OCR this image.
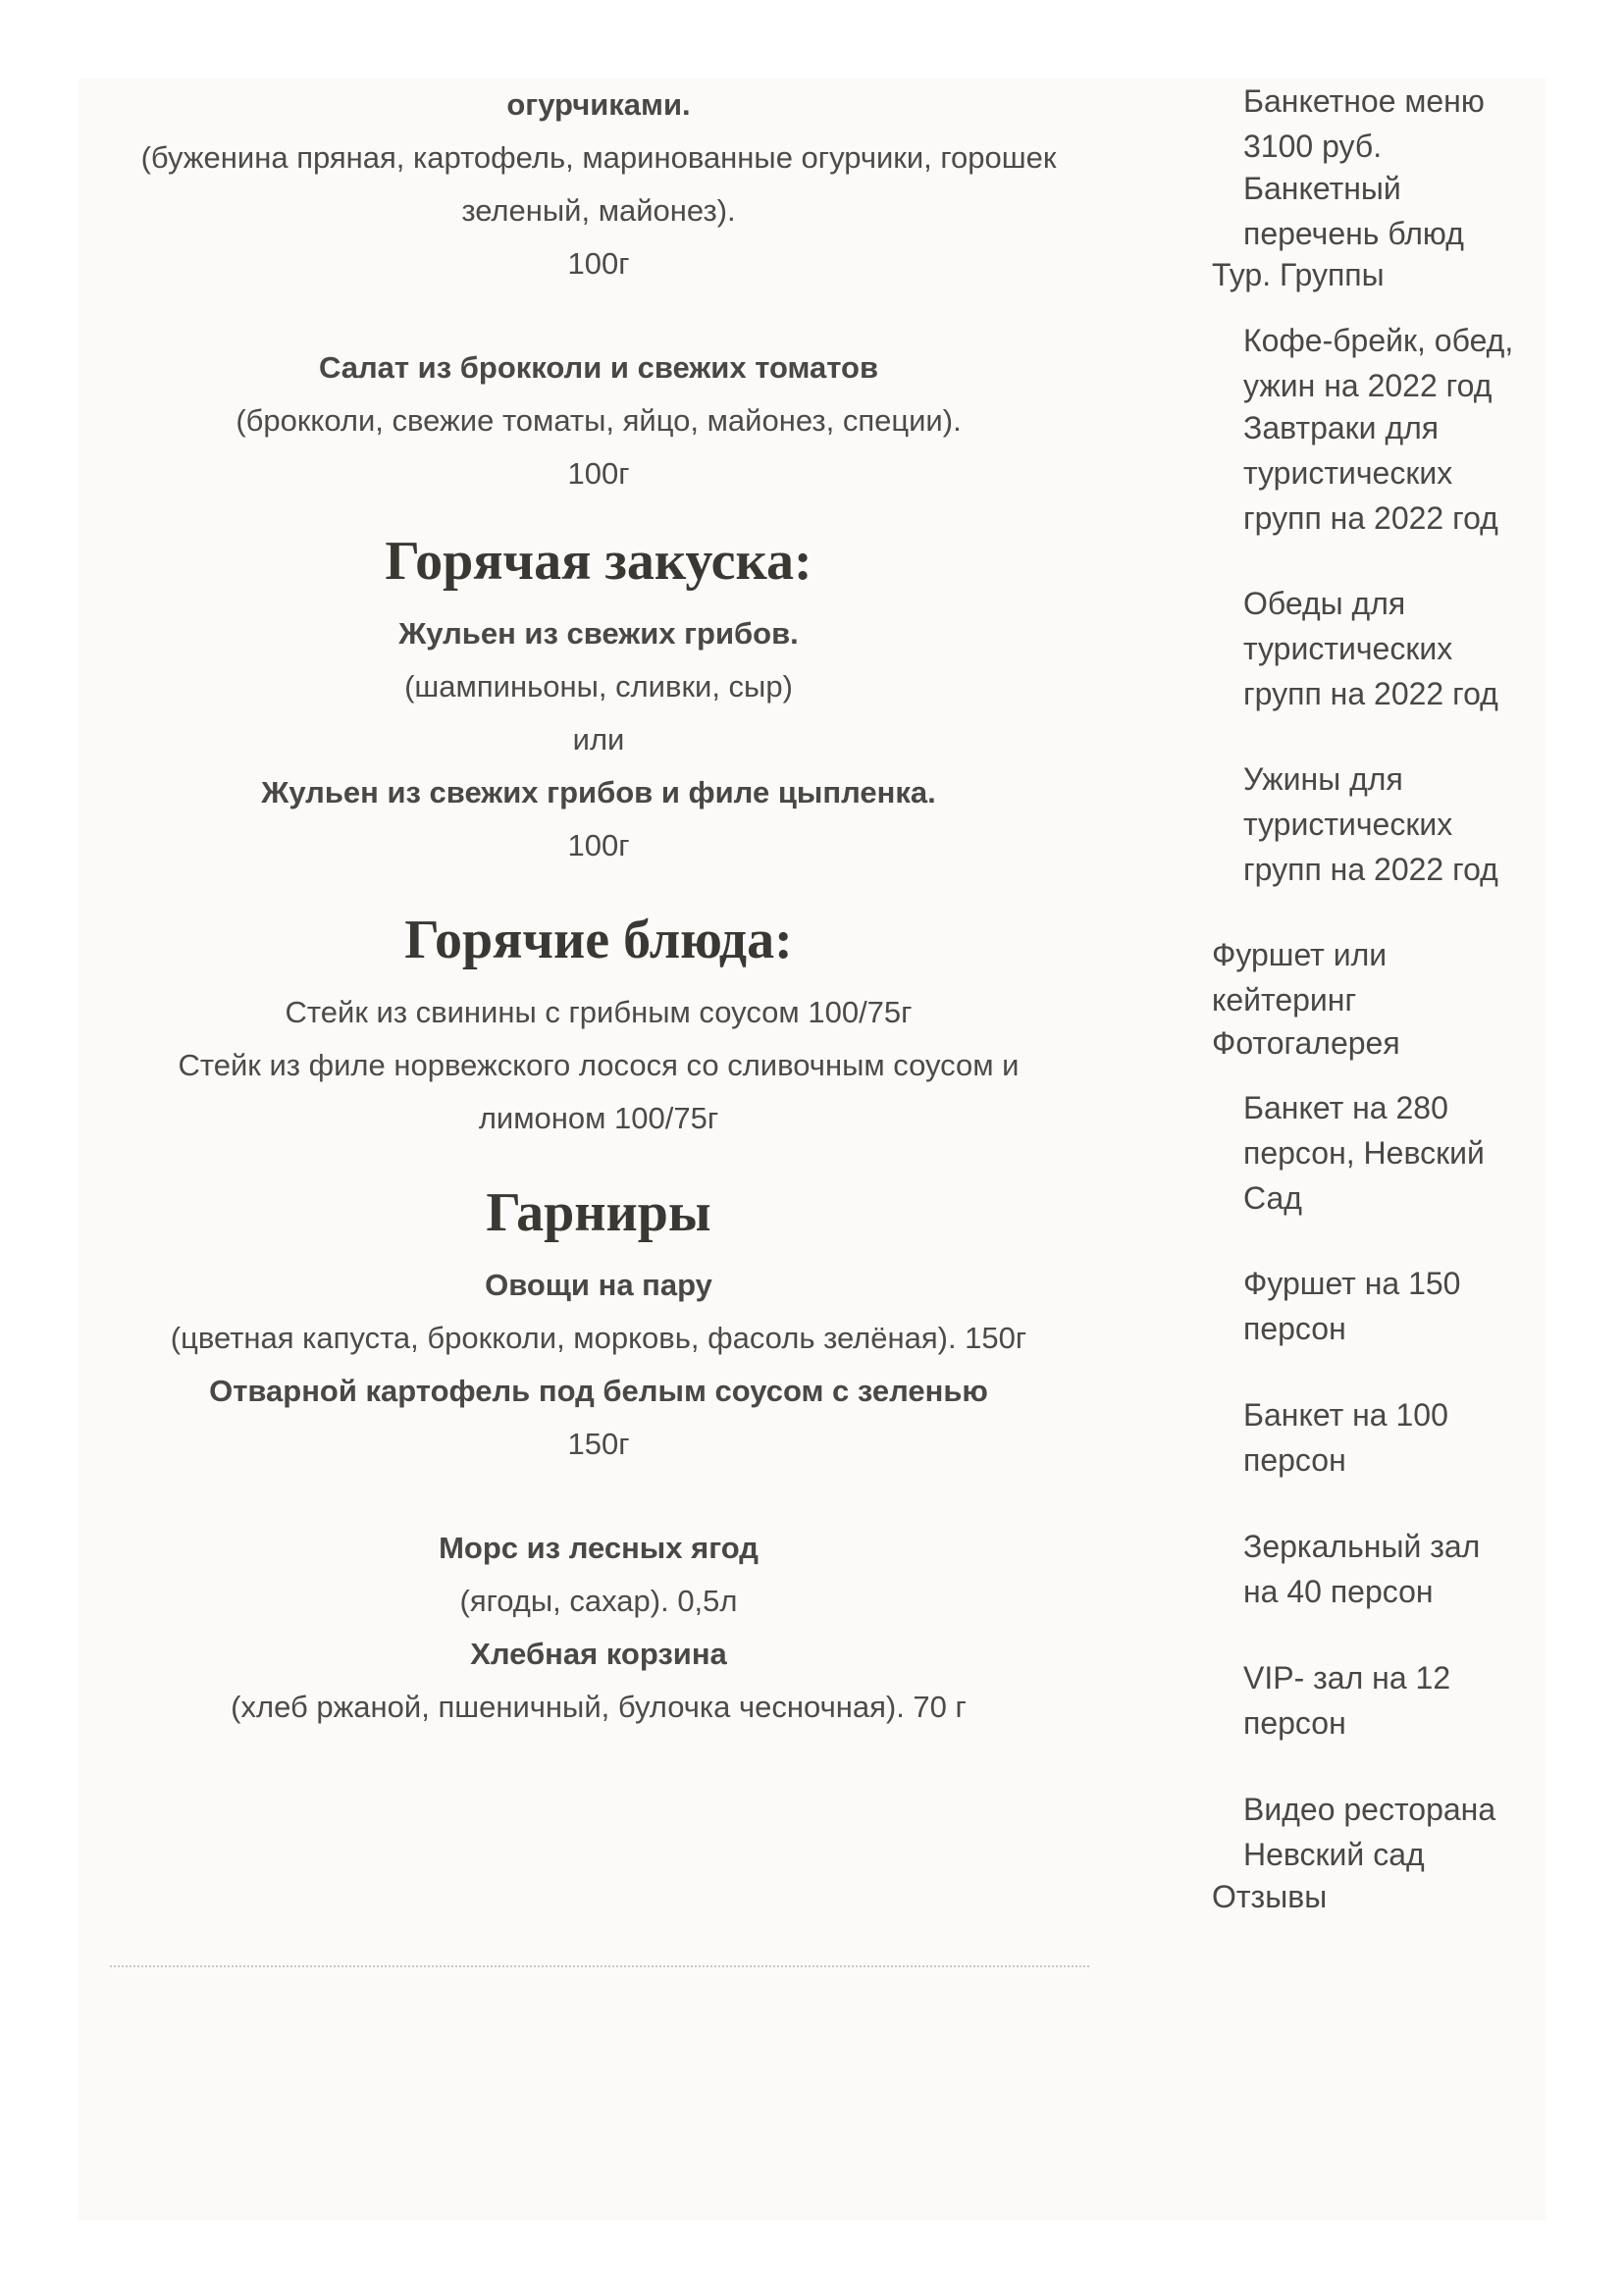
огурчиками.
(буженина пряная, картофель, маринованные огурчики, горошек
зеленый, майонез).
100г
Салат из брокколи и свежих томатов
(брокколи, свежие томаты, яйцо, майонез, специи).
100г
Горячая закуска:
Жульен из свежих грибов.
(шампиньоны, сливки, сыр)
или
Жульен из свежих грибов и филе цыпленка.
100г
Горячие блюда:
Стейк из свинины с грибным соусом 100/75г
Стейк из филе норвежского лосося со сливочным соусом и
лимоном 100/75г
Гарниры
Овощи на пару
(цветная капуста, брокколи, морковь, фасоль зелёная). 150г
Отварной картофель под белым соусом с зеленью
150г
Морс из лесных ягод
(ягоды, сахар). 0,5л
Хлебная корзина
(хлеб ржаной, пшеничный, булочка чесночная). 70 г
Банкетное меню
3100 руб.
Банкетный
перечень блюд
Тур. Группы
Кофе-брейк, обед,
ужин на 2022 год
Завтраки для
туристических
групп на 2022 год
Обеды для
туристических
групп на 2022 год
Ужины для
туристических
групп на 2022 год
Фуршет или
кейтеринг
Фотогалерея
Банкет на 280
персон, Невский
Сад
Фуршет на 150
персон
Банкет на 100
персон
Зеркальный зал
на 40 персон
VIP- зал на 12
персон
Видео ресторана
Невский сад
Отзывы
